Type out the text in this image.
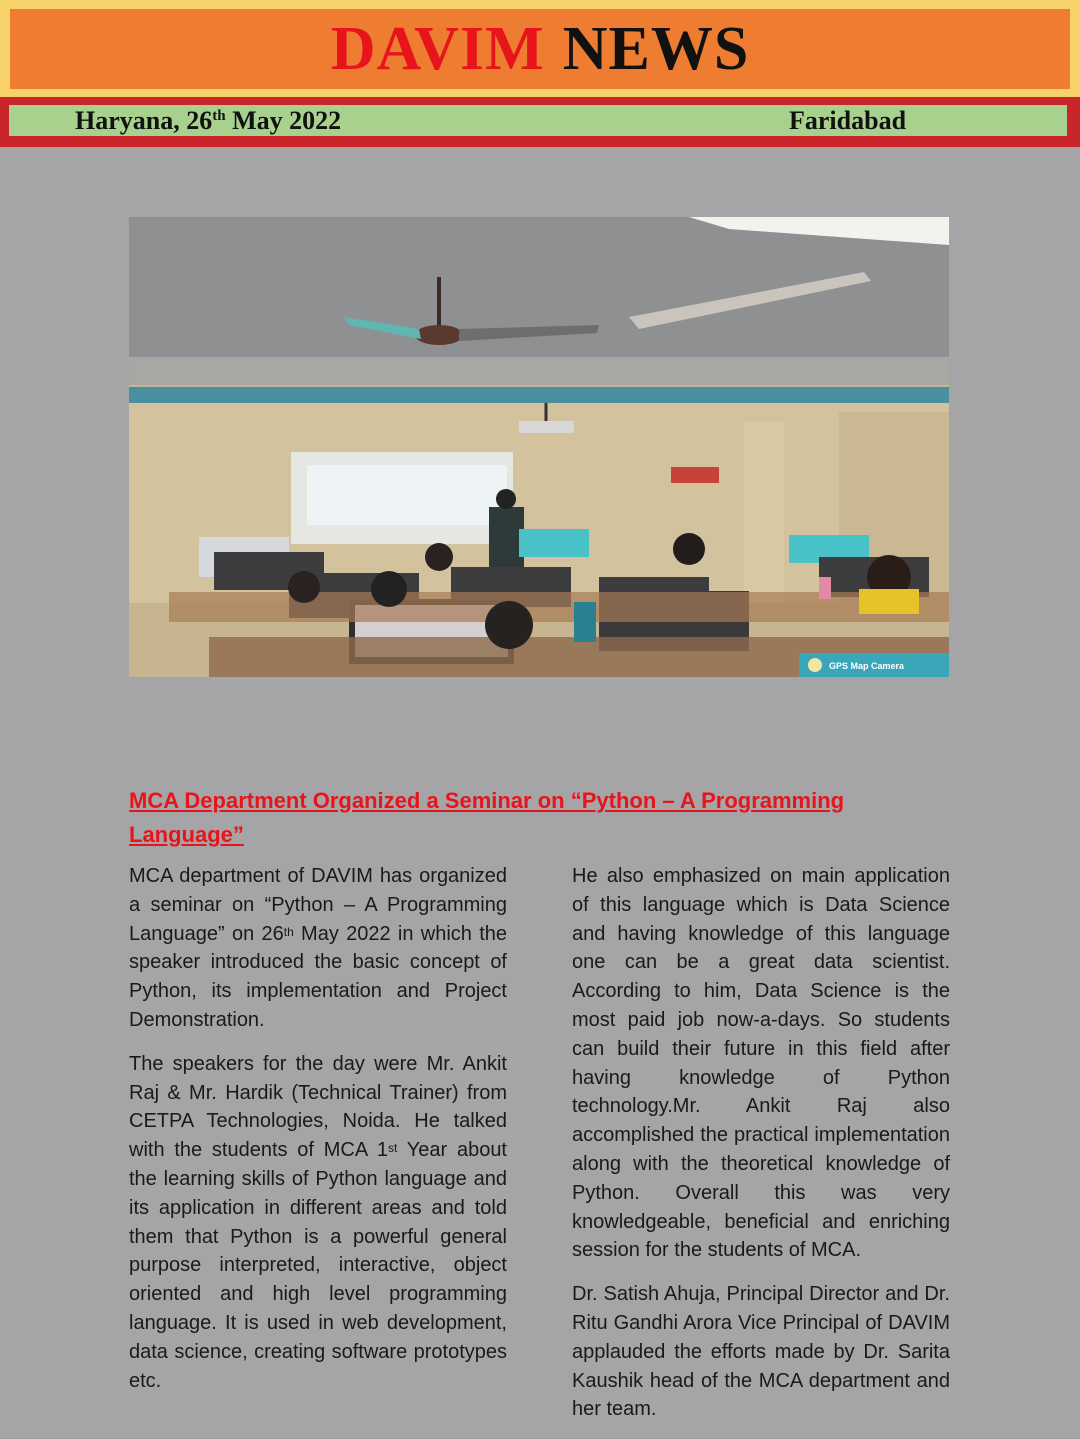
DAVIM NEWS
Haryana, 26th May 2022	Faridabad
GPS Map Camera
MCA Department Organized a Seminar on “Python – A Programming Language”

MCA department of DAVIM has organized a seminar on “Python – A Programming Language” on 26th May 2022 in which the speaker introduced the basic concept of Python, its implementation and Project Demonstration.

The speakers for the day were Mr. Ankit Raj & Mr. Hardik (Technical Trainer) from CETPA Technologies, Noida. He talked with the students of MCA 1st Year about the learning skills of Python language and its application in different areas and told them that Python is a powerful general purpose interpreted, interactive, object oriented and high level programming language. It is used in web development, data science, creating software prototypes etc.

He also emphasized on main application of this language which is Data Science and having knowledge of this language one can be a great data scientist. According to him, Data Science is the most paid job now-a-days. So students can build their future in this field after having knowledge of Python technology.Mr. Ankit Raj also accomplished the practical implementation along with the theoretical knowledge of Python. Overall this was very knowledgeable, beneficial and enriching session for the students of MCA.

Dr. Satish Ahuja, Principal Director and Dr. Ritu Gandhi Arora Vice Principal of DAVIM applauded the efforts made by Dr. Sarita Kaushik head of the MCA department and her team.
